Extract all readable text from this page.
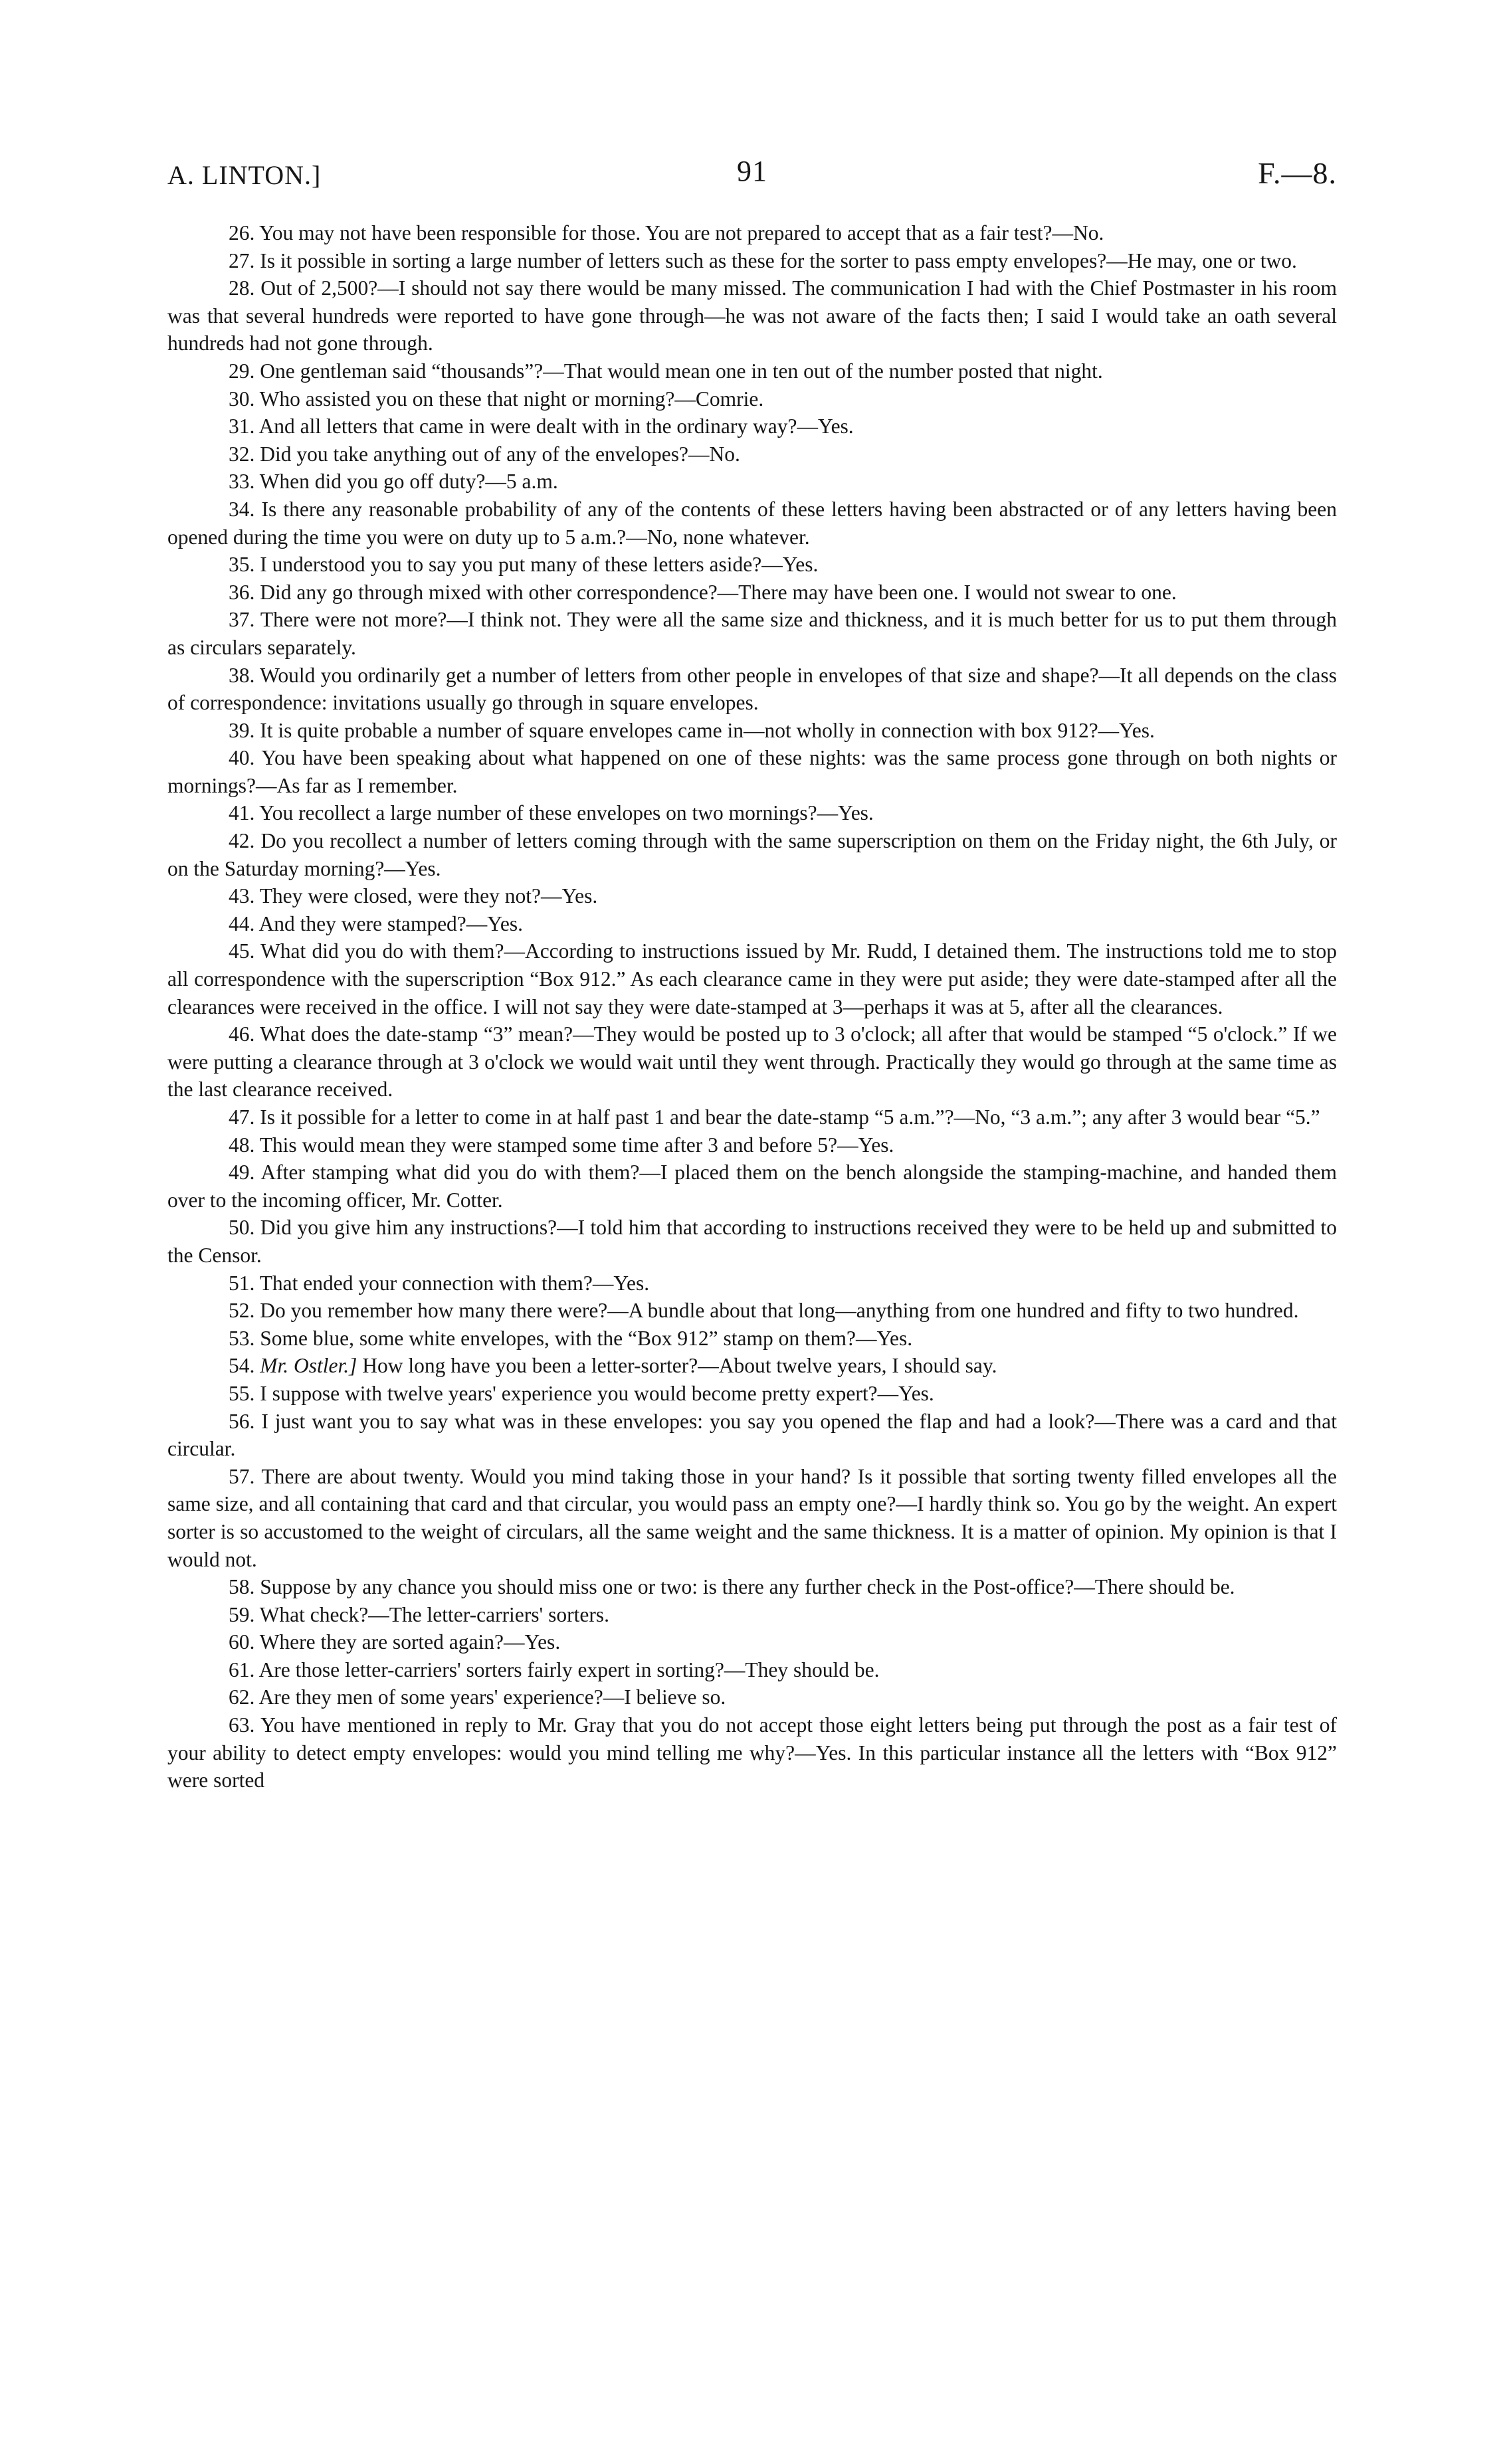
A. LINTON.]	91	F.—8.

26. You may not have been responsible for those. You are not prepared to accept that as a fair test?—No.

27. Is it possible in sorting a large number of letters such as these for the sorter to pass empty envelopes?—He may, one or two.

28. Out of 2,500?—I should not say there would be many missed. The communication I had with the Chief Postmaster in his room was that several hundreds were reported to have gone through—he was not aware of the facts then; I said I would take an oath several hundreds had not gone through.

29. One gentleman said “thousands”?—That would mean one in ten out of the number posted that night.

30. Who assisted you on these that night or morning?—Comrie.

31. And all letters that came in were dealt with in the ordinary way?—Yes.

32. Did you take anything out of any of the envelopes?—No.

33. When did you go off duty?—5 a.m.

34. Is there any reasonable probability of any of the contents of these letters having been abstracted or of any letters having been opened during the time you were on duty up to 5 a.m.?—No, none whatever.

35. I understood you to say you put many of these letters aside?—Yes.

36. Did any go through mixed with other correspondence?—There may have been one. I would not swear to one.

37. There were not more?—I think not. They were all the same size and thickness, and it is much better for us to put them through as circulars separately.

38. Would you ordinarily get a number of letters from other people in envelopes of that size and shape?—It all depends on the class of correspondence: invitations usually go through in square envelopes.

39. It is quite probable a number of square envelopes came in—not wholly in connection with box 912?—Yes.

40. You have been speaking about what happened on one of these nights: was the same process gone through on both nights or mornings?—As far as I remember.

41. You recollect a large number of these envelopes on two mornings?—Yes.

42. Do you recollect a number of letters coming through with the same superscription on them on the Friday night, the 6th July, or on the Saturday morning?—Yes.

43. They were closed, were they not?—Yes.

44. And they were stamped?—Yes.

45. What did you do with them?—According to instructions issued by Mr. Rudd, I detained them. The instructions told me to stop all correspondence with the superscription “Box 912.” As each clearance came in they were put aside; they were date-stamped after all the clearances were received in the office. I will not say they were date-stamped at 3—perhaps it was at 5, after all the clearances.

46. What does the date-stamp “3” mean?—They would be posted up to 3 o'clock; all after that would be stamped “5 o'clock.” If we were putting a clearance through at 3 o'clock we would wait until they went through. Practically they would go through at the same time as the last clearance received.

47. Is it possible for a letter to come in at half past 1 and bear the date-stamp “5 a.m.”?—No, “3 a.m.”; any after 3 would bear “5.”

48. This would mean they were stamped some time after 3 and before 5?—Yes.

49. After stamping what did you do with them?—I placed them on the bench alongside the stamping-machine, and handed them over to the incoming officer, Mr. Cotter.

50. Did you give him any instructions?—I told him that according to instructions received they were to be held up and submitted to the Censor.

51. That ended your connection with them?—Yes.

52. Do you remember how many there were?—A bundle about that long—anything from one hundred and fifty to two hundred.

53. Some blue, some white envelopes, with the “Box 912” stamp on them?—Yes.

54. Mr. Ostler.] How long have you been a letter-sorter?—About twelve years, I should say.

55. I suppose with twelve years' experience you would become pretty expert?—Yes.

56. I just want you to say what was in these envelopes: you say you opened the flap and had a look?—There was a card and that circular.

57. There are about twenty. Would you mind taking those in your hand? Is it possible that sorting twenty filled envelopes all the same size, and all containing that card and that circular, you would pass an empty one?—I hardly think so. You go by the weight. An expert sorter is so accustomed to the weight of circulars, all the same weight and the same thickness. It is a matter of opinion. My opinion is that I would not.

58. Suppose by any chance you should miss one or two: is there any further check in the Post-office?—There should be.

59. What check?—The letter-carriers' sorters.

60. Where they are sorted again?—Yes.

61. Are those letter-carriers' sorters fairly expert in sorting?—They should be.

62. Are they men of some years' experience?—I believe so.

63. You have mentioned in reply to Mr. Gray that you do not accept those eight letters being put through the post as a fair test of your ability to detect empty envelopes: would you mind telling me why?—Yes. In this particular instance all the letters with “Box 912” were sorted
